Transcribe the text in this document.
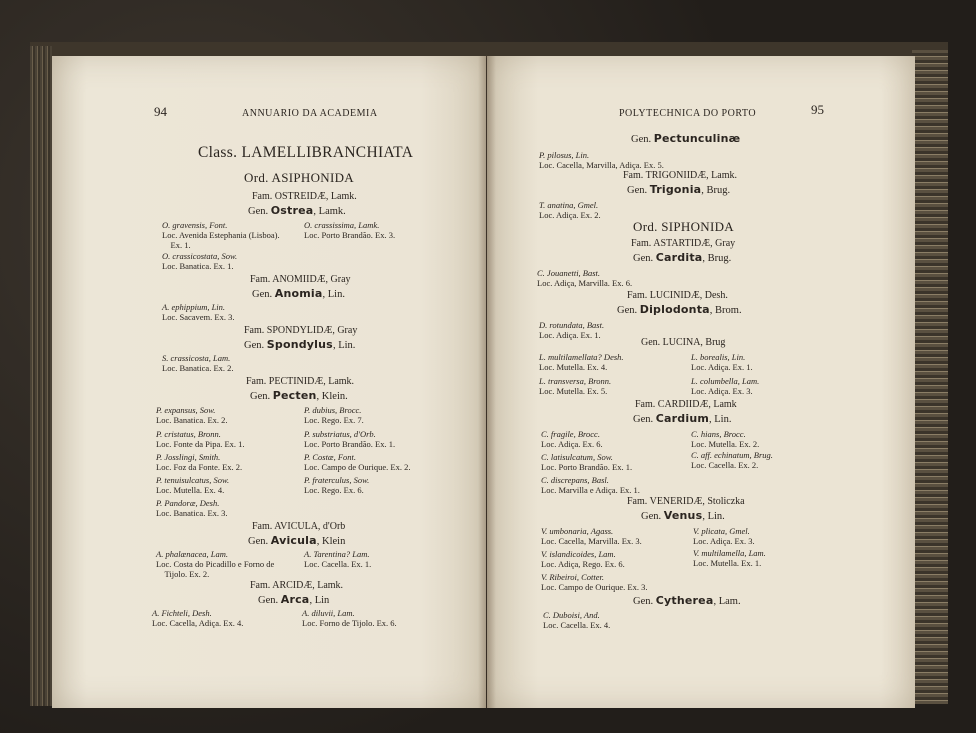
94	ANNUARIO DA ACADEMIA
Class. LAMELLIBRANCHIATA
Ord. ASIPHONIDA
Fam. OSTREIDÆ, Lamk.
Gen. Ostrea, Lamk.
O. gravensis, Font.
Loc. Avenida Estephania (Lisboa).
Ex. 1.
O. crassissima, Lamk.
Loc. Porto Brandão. Ex. 3.
O. crassicostata, Sow.
Loc. Banatica. Ex. 1.
Fam. ANOMIIDÆ, Gray
Gen. Anomia, Lin.
A. ephippium, Lin.
Loc. Sacavem. Ex. 3.
Fam. SPONDYLIDÆ, Gray
Gen. Spondylus, Lin.
S. crassicosta, Lam.
Loc. Banatica. Ex. 2.
Fam. PECTINIDÆ, Lamk.
Gen. Pecten, Klein.
P. expansus, Sow.
Loc. Banatica. Ex. 2.
P. dubius, Brocc.
Loc. Rego. Ex. 7.
P. cristatus, Bronn.
Loc. Fonte da Pipa. Ex. 1.
P. substriatus, d'Orb.
Loc. Porto Brandão. Ex. 1.
P. Josslingi, Smith.
Loc. Foz da Fonte. Ex. 2.
P. Costæ, Font.
Loc. Campo de Ourique. Ex. 2.
P. tenuisulcatus, Sow.
Loc. Mutella. Ex. 4.
P. fraterculus, Sow.
Loc. Rego. Ex. 6.
P. Pandoræ, Desh.
Loc. Banatica. Ex. 3.
Fam. AVICULA, d'Orb
Gen. Avicula, Klein
A. phalænacea, Lam.
Loc. Costa do Picadillo e Forno de
Tijolo. Ex. 2.
A. Tarentina? Lam.
Loc. Cacella. Ex. 1.
Fam. ARCIDÆ, Lamk.
Gen. Arca, Lin
A. Fichteli, Desh.
Loc. Cacella, Adiça. Ex. 4.
A. diluvii, Lam.
Loc. Forno de Tijolo. Ex. 6.
POLYTECHNICA DO PORTO	95
Gen. Pectunculinæ
P. pilosus, Lin.
Loc. Cacella, Marvilla, Adiça. Ex. 5.
Fam. TRIGONIIDÆ, Lamk.
Gen. Trigonia, Brug.
T. anatina, Gmel.
Loc. Adiça. Ex. 2.
Ord. SIPHONIDA
Fam. ASTARTIDÆ, Gray
Gen. Cardita, Brug.
C. Jouanetti, Bast.
Loc. Adiça, Marvilla. Ex. 6.
Fam. LUCINIDÆ, Desh.
Gen. Diplodonta, Brom.
D. rotundata, Bast.
Loc. Adiça. Ex. 1.
Gen. LUCINA, Brug
L. multilamellata? Desh.
Loc. Mutella. Ex. 4.
L. borealis, Lin.
Loc. Adiça. Ex. 1.
L. transversa, Bronn.
Loc. Mutella. Ex. 5.
L. columbella, Lam.
Loc. Adiça. Ex. 3.
Fam. CARDIIDÆ, Lamk
Gen. Cardium, Lin.
C. fragile, Brocc.
Loc. Adiça. Ex. 6.
C. hians, Brocc.
Loc. Mutella. Ex. 2.
C. latisulcatum, Sow.
Loc. Porto Brandão. Ex. 1.
C. aff. echinatum, Brug.
Loc. Cacella. Ex. 2.
C. discrepans, Basl.
Loc. Marvilla e Adiça. Ex. 1.
Fam. VENERIDÆ, Stoliczka
Gen. Venus, Lin.
V. umbonaria, Agass.
Loc. Cacella, Marvilla. Ex. 3.
V. plicata, Gmel.
Loc. Adiça. Ex. 3.
V. islandicoides, Lam.
Loc. Adiça, Rego. Ex. 6.
V. multilamella, Lam.
Loc. Mutella. Ex. 1.
V. Ribeiroi, Cotter.
Loc. Campo de Ourique. Ex. 3.
Gen. Cytherea, Lam.
C. Duboisi, And.
Loc. Cacella. Ex. 4.
